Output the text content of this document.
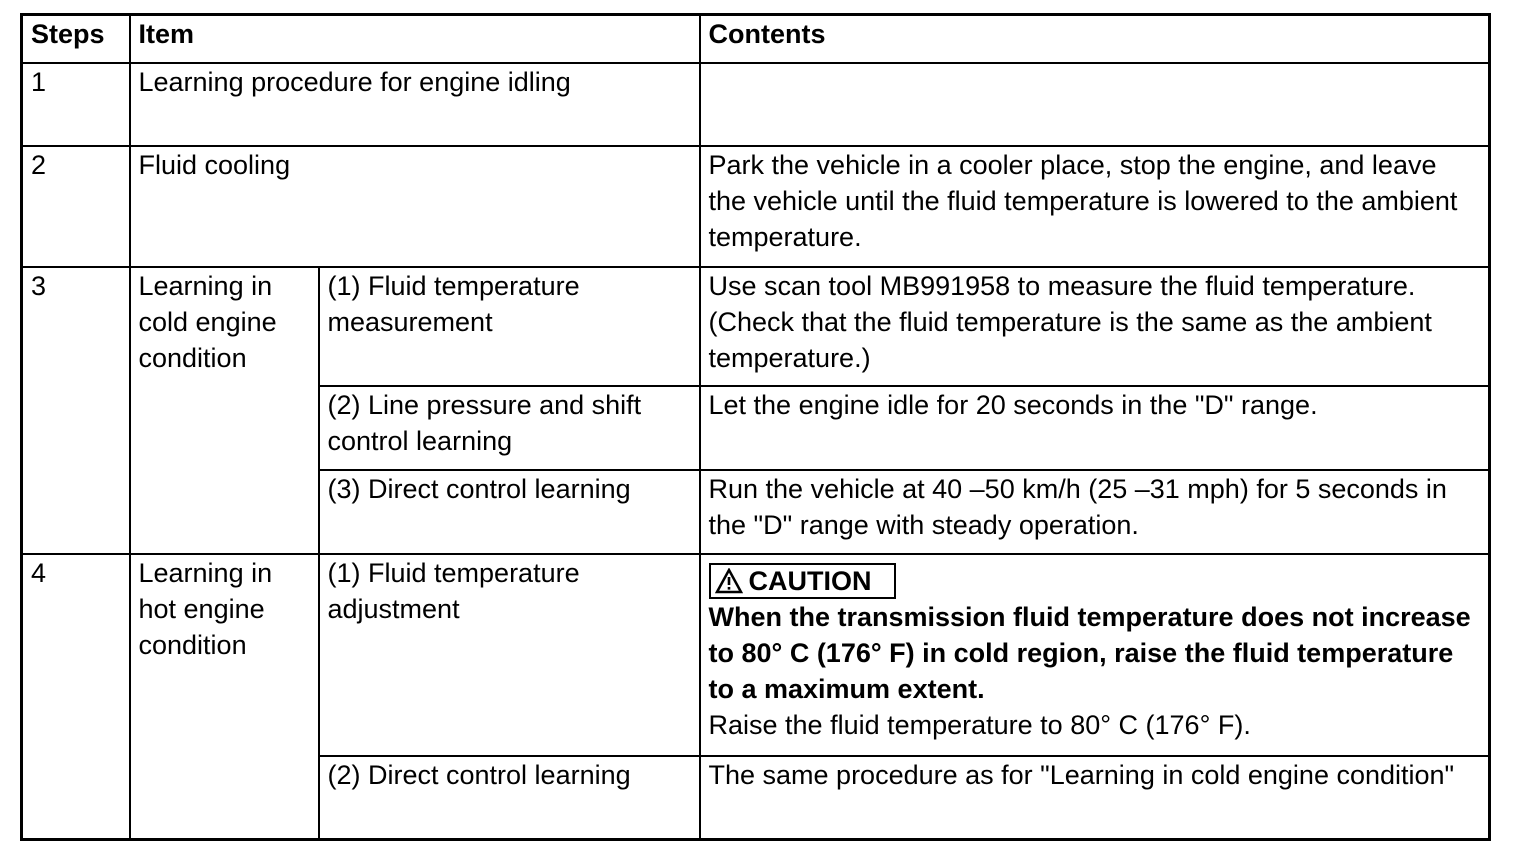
Steps	Item		Contents
1	Learning procedure for engine idling		
2	Fluid cooling		Park the vehicle in a cooler place, stop the engine, and leave the vehicle until the fluid temperature is lowered to the ambient temperature.
3	Learning in cold engine condition	(1) Fluid temperature measurement	Use scan tool MB991958 to measure the fluid temperature. (Check that the fluid temperature is the same as the ambient temperature.)
		(2) Line pressure and shift control learning	Let the engine idle for 20 seconds in the "D" range.
		(3) Direct control learning	Run the vehicle at 40 –50 km/h (25 –31 mph) for 5 seconds in the "D" range with steady operation.
4	Learning in hot engine condition	(1) Fluid temperature adjustment	CAUTION
When the transmission fluid temperature does not increase to 80° C (176° F) in cold region, raise the fluid temperature to a maximum extent.
Raise the fluid temperature to 80° C (176° F).

		(2) Direct control learning	The same procedure as for "Learning in cold engine condition"
